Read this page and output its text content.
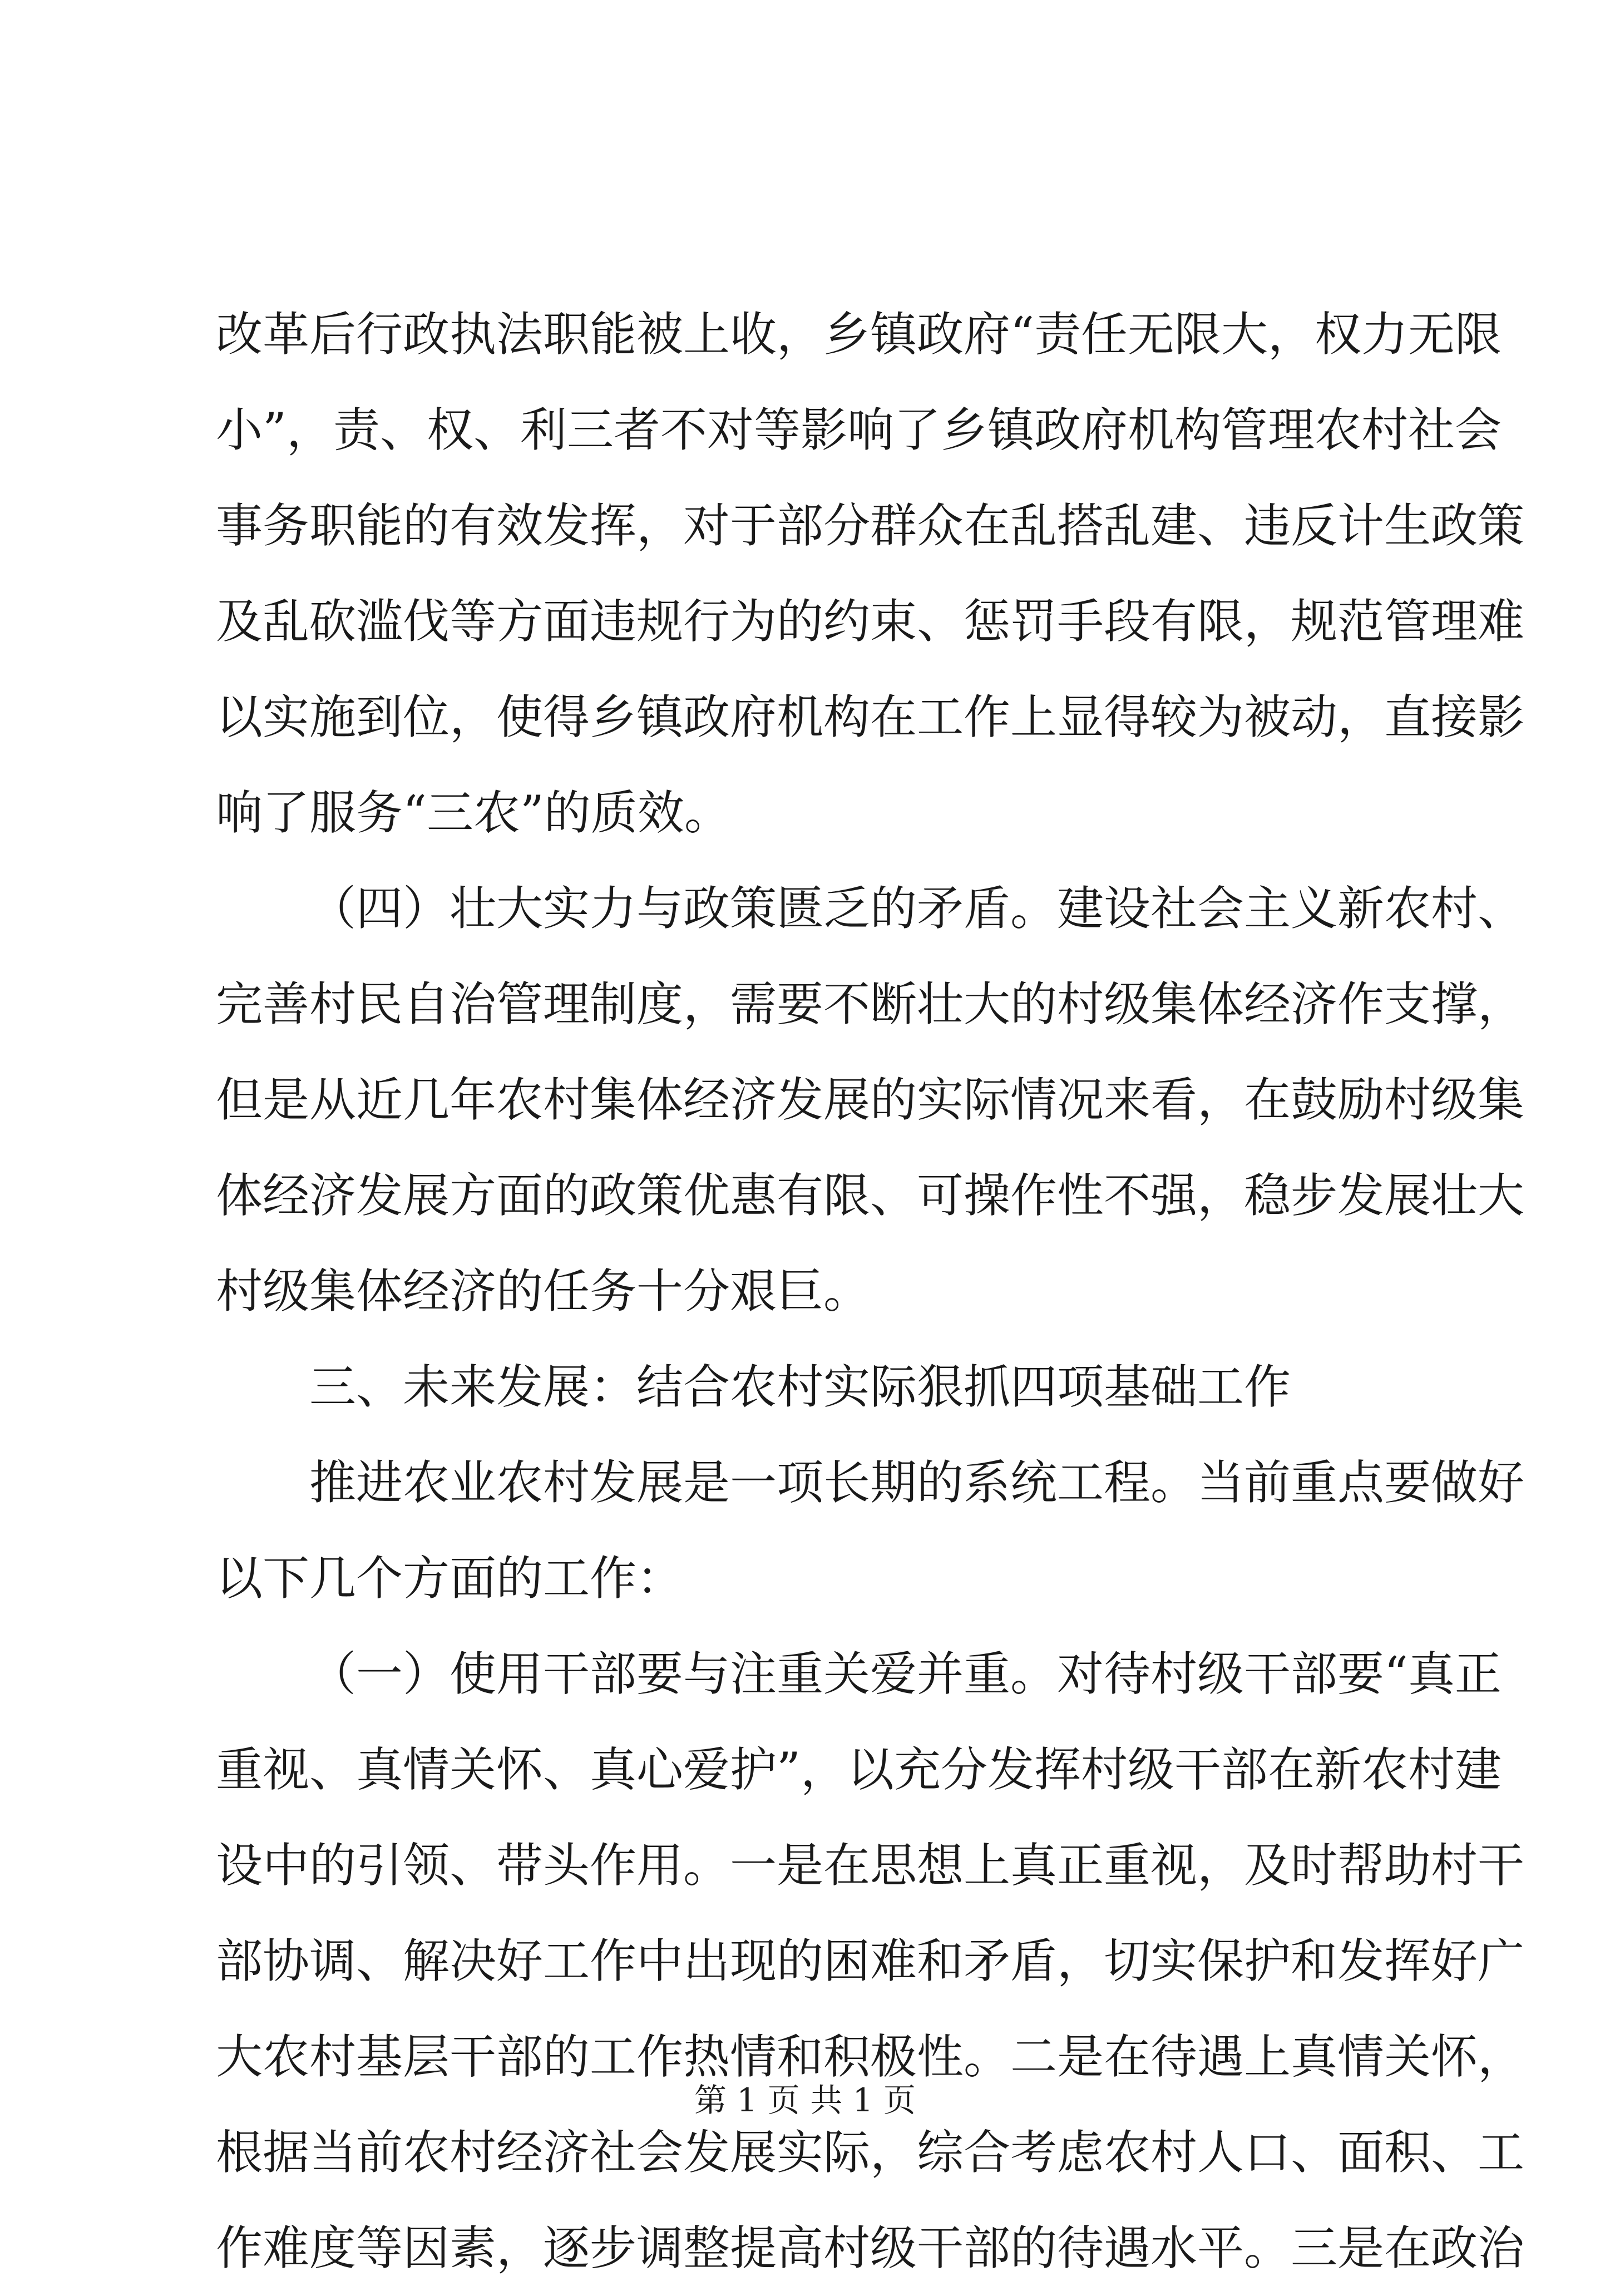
改革后行政执法职能被上收，乡镇政府“责任无限大，权力无限
小”，责、权、利三者不对等影响了乡镇政府机构管理农村社会
事务职能的有效发挥，对于部分群众在乱搭乱建、违反计生政策
及乱砍滥伐等方面违规行为的约束、惩罚手段有限，规范管理难
以实施到位，使得乡镇政府机构在工作上显得较为被动，直接影
响了服务“三农”的质效。
（四）壮大实力与政策匮乏的矛盾。建设社会主义新农村、
完善村民自治管理制度，需要不断壮大的村级集体经济作支撑，
但是从近几年农村集体经济发展的实际情况来看，在鼓励村级集
体经济发展方面的政策优惠有限、可操作性不强，稳步发展壮大
村级集体经济的任务十分艰巨。
三、未来发展：结合农村实际狠抓四项基础工作
推进农业农村发展是一项长期的系统工程。当前重点要做好
以下几个方面的工作：
（一）使用干部要与注重关爱并重。对待村级干部要“真正
重视、真情关怀、真心爱护”，以充分发挥村级干部在新农村建
设中的引领、带头作用。一是在思想上真正重视，及时帮助村干
部协调、解决好工作中出现的困难和矛盾，切实保护和发挥好广
大农村基层干部的工作热情和积极性。二是在待遇上真情关怀，
根据当前农村经济社会发展实际，综合考虑农村人口、面积、工
作难度等因素，逐步调整提高村级干部的待遇水平。三是在政治
第 1 页 共 1 页
